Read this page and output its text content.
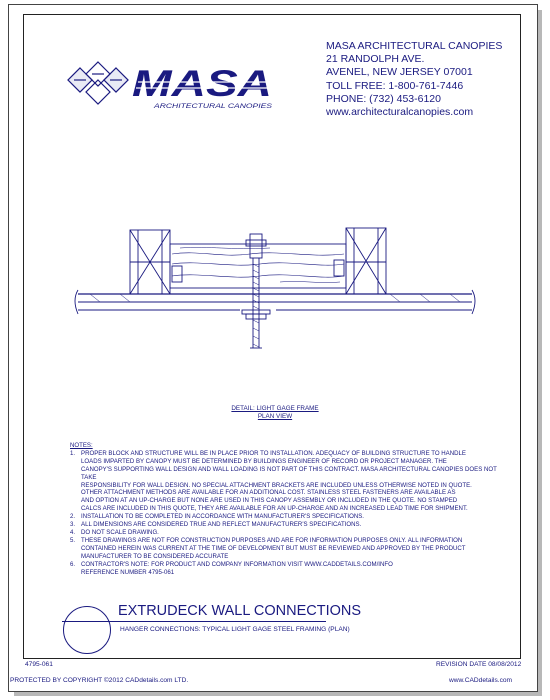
MASA
ARCHITECTURAL CANOPIES
MASA ARCHITECTURAL CANOPIES
21 RANDOLPH AVE.
AVENEL, NEW JERSEY 07001
TOLL FREE: 1-800-761-7446
PHONE: (732) 453-6120
www.architecturalcanopies.com
DETAIL: LIGHT GAGE FRAME
PLAN VIEW
NOTES:
1. PROPER BLOCK AND STRUCTURE WILL BE IN PLACE PRIOR TO INSTALLATION. ADEQUACY OF BUILDING STRUCTURE TO HANDLE
LOADS IMPARTED BY CANOPY MUST BE DETERMINED BY BUILDINGS ENGINEER OF RECORD OR PROJECT MANAGER. THE
CANOPY'S SUPPORTING WALL DESIGN AND WALL LOADING IS NOT PART OF THIS CONTRACT. MASA ARCHITECTURAL CANOPIES DOES NOT TAKE
RESPONSIBILITY FOR WALL DESIGN. NO SPECIAL ATTACHMENT BRACKETS ARE INCLUDED UNLESS OTHERWISE NOTED IN QUOTE.
OTHER ATTACHMENT METHODS ARE AVAILABLE FOR AN ADDITIONAL COST. STAINLESS STEEL FASTENERS ARE AVAILABLE AS
AND OPTION AT AN UP-CHARGE BUT NONE ARE USED IN THIS CANOPY ASSEMBLY OR INCLUDED IN THE QUOTE. NO STAMPED
CALCS ARE INCLUDED IN THIS QUOTE, THEY ARE AVAILABLE FOR AN UP-CHARGE AND AN INCREASED LEAD TIME FOR SHIPMENT.
2. INSTALLATION TO BE COMPLETED IN ACCORDANCE WITH MANUFACTURER'S SPECIFICATIONS.
3. ALL DIMENSIONS ARE CONSIDERED TRUE AND REFLECT MANUFACTURER'S SPECIFICATIONS.
4. DO NOT SCALE DRAWING.
5. THESE DRAWINGS ARE NOT FOR CONSTRUCTION PURPOSES AND ARE FOR INFORMATION PURPOSES ONLY. ALL INFORMATION
CONTAINED HEREIN WAS CURRENT AT THE TIME OF DEVELOPMENT BUT MUST BE REVIEWED AND APPROVED BY THE PRODUCT
MANUFACTURER TO BE CONSIDERED ACCURATE
6. CONTRACTOR'S NOTE: FOR PRODUCT AND COMPANY INFORMATION VISIT WWW.CADDETAILS.COM/INFO
REFERENCE NUMBER 4795-061
EXTRUDECK WALL CONNECTIONS
HANGER CONNECTIONS: TYPICAL LIGHT GAGE STEEL FRAMING (PLAN)
4795-061	REVISION DATE 08/08/2012
PROTECTED BY COPYRIGHT ©2012 CADdetails.com LTD.	www.CADdetails.com
